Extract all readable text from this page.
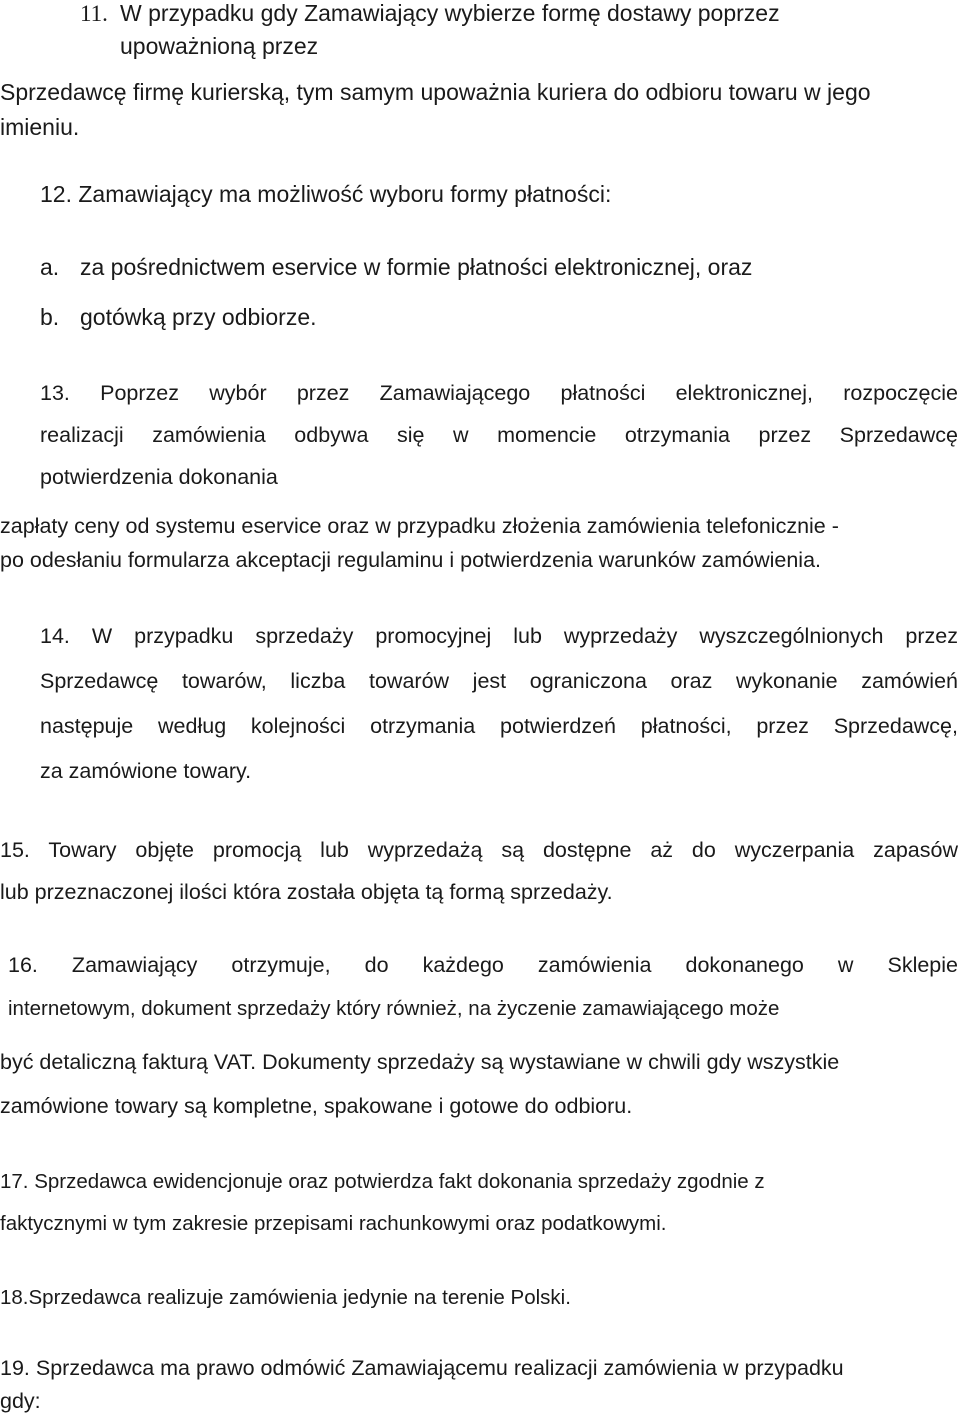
11. W przypadku gdy Zamawiający wybierze formę dostawy poprzez
upoważnioną przez
Sprzedawcę firmę kurierską, tym samym upoważnia kuriera do odbioru towaru w jego
imieniu.
12. Zamawiający ma możliwość wyboru formy płatności:
a. za pośrednictwem eservice w formie płatności elektronicznej, oraz
b. gotówką przy odbiorze.
13. Poprzez wybór przez Zamawiającego płatności elektronicznej, rozpoczęcie
realizacji zamówienia odbywa się w momencie otrzymania przez Sprzedawcę
potwierdzenia dokonania
zapłaty ceny od systemu eservice oraz w przypadku złożenia zamówienia telefonicznie -
po odesłaniu formularza akceptacji regulaminu i potwierdzenia warunków zamówienia.
14. W przypadku sprzedaży promocyjnej lub wyprzedaży wyszczególnionych przez
Sprzedawcę towarów, liczba towarów jest ograniczona oraz wykonanie zamówień
następuje według kolejności otrzymania potwierdzeń płatności, przez Sprzedawcę,
za zamówione towary.
15. Towary objęte promocją lub wyprzedażą są dostępne aż do wyczerpania zapasów
lub przeznaczonej ilości która została objęta tą formą sprzedaży.
16. Zamawiający otrzymuje, do każdego zamówienia dokonanego w Sklepie
internetowym, dokument sprzedaży który również, na życzenie zamawiającego może
być detaliczną fakturą VAT. Dokumenty sprzedaży są wystawiane w chwili gdy wszystkie
zamówione towary są kompletne, spakowane i gotowe do odbioru.
17. Sprzedawca ewidencjonuje oraz potwierdza fakt dokonania sprzedaży zgodnie z
faktycznymi w tym zakresie przepisami rachunkowymi oraz podatkowymi.
18.Sprzedawca realizuje zamówienia jedynie na terenie Polski.
19. Sprzedawca ma prawo odmówić Zamawiającemu realizacji zamówienia w przypadku
gdy:
